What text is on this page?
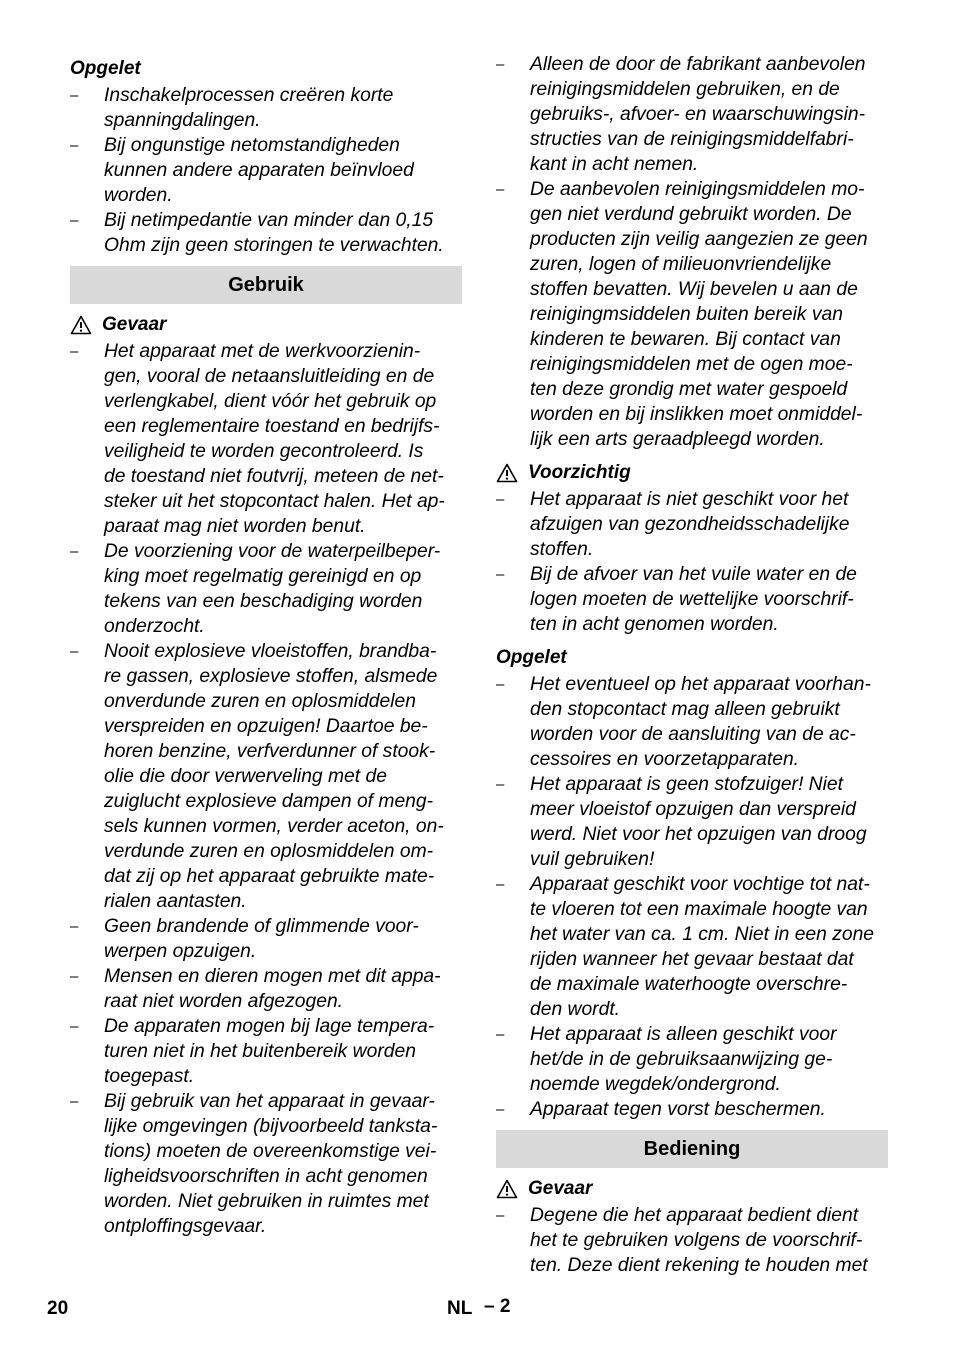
Opgelet
–	Inschakelprocessen creëren korte
spanningdalingen.
–	Bij ongunstige netomstandigheden
kunnen andere apparaten beïnvloed
worden.
–	Bij netimpedantie van minder dan 0,15
Ohm zijn geen storingen te verwachten.
Gebruik
Gevaar
–	Het apparaat met de werkvoorzienin-
gen, vooral de netaansluitleiding en de
verlengkabel, dient vóór het gebruik op
een reglementaire toestand en bedrijfs-
veiligheid te worden gecontroleerd. Is
de toestand niet foutvrij, meteen de net-
steker uit het stopcontact halen. Het ap-
paraat mag niet worden benut.
–	De voorziening voor de waterpeilbeper-
king moet regelmatig gereinigd en op
tekens van een beschadiging worden
onderzocht.
–	Nooit explosieve vloeistoffen, brandba-
re gassen, explosieve stoffen, alsmede
onverdunde zuren en oplosmiddelen
verspreiden en opzuigen! Daartoe be-
horen benzine, verfverdunner of stook-
olie die door verwerveling met de
zuiglucht explosieve dampen of meng-
sels kunnen vormen, verder aceton, on-
verdunde zuren en oplosmiddelen om-
dat zij op het apparaat gebruikte mate-
rialen aantasten.
–	Geen brandende of glimmende voor-
werpen opzuigen.
–	Mensen en dieren mogen met dit appa-
raat niet worden afgezogen.
–	De apparaten mogen bij lage tempera-
turen niet in het buitenbereik worden
toegepast.
–	Bij gebruik van het apparaat in gevaar-
lijke omgevingen (bijvoorbeeld tanksta-
tions) moeten de overeenkomstige vei-
ligheidsvoorschriften in acht genomen
worden. Niet gebruiken in ruimtes met
ontploffingsgevaar.
–	Alleen de door de fabrikant aanbevolen
reinigingsmiddelen gebruiken, en de
gebruiks-, afvoer- en waarschuwingsin-
structies van de reinigingsmiddelfabri-
kant in acht nemen.
–	De aanbevolen reinigingsmiddelen mo-
gen niet verdund gebruikt worden. De
producten zijn veilig aangezien ze geen
zuren, logen of milieuonvriendelijke
stoffen bevatten. Wij bevelen u aan de
reinigingmsiddelen buiten bereik van
kinderen te bewaren. Bij contact van
reinigingsmiddelen met de ogen moe-
ten deze grondig met water gespoeld
worden en bij inslikken moet onmiddel-
lijk een arts geraadpleegd worden.
Voorzichtig
–	Het apparaat is niet geschikt voor het
afzuigen van gezondheidsschadelijke
stoffen.
–	Bij de afvoer van het vuile water en de
logen moeten de wettelijke voorschrif-
ten in acht genomen worden.
Opgelet
–	Het eventueel op het apparaat voorhan-
den stopcontact mag alleen gebruikt
worden voor de aansluiting van de ac-
cessoires en voorzetapparaten.
–	Het apparaat is geen stofzuiger! Niet
meer vloeistof opzuigen dan verspreid
werd. Niet voor het opzuigen van droog
vuil gebruiken!
–	Apparaat geschikt voor vochtige tot nat-
te vloeren tot een maximale hoogte van
het water van ca. 1 cm. Niet in een zone
rijden wanneer het gevaar bestaat dat
de maximale waterhoogte overschre-
den wordt.
–	Het apparaat is alleen geschikt voor
het/de in de gebruiksaanwijzing ge-
noemde wegdek/ondergrond.
–	Apparaat tegen vorst beschermen.
Bediening
Gevaar
–	Degene die het apparaat bedient dient
het te gebruiken volgens de voorschrif-
ten. Deze dient rekening te houden met
20	NL – 2
